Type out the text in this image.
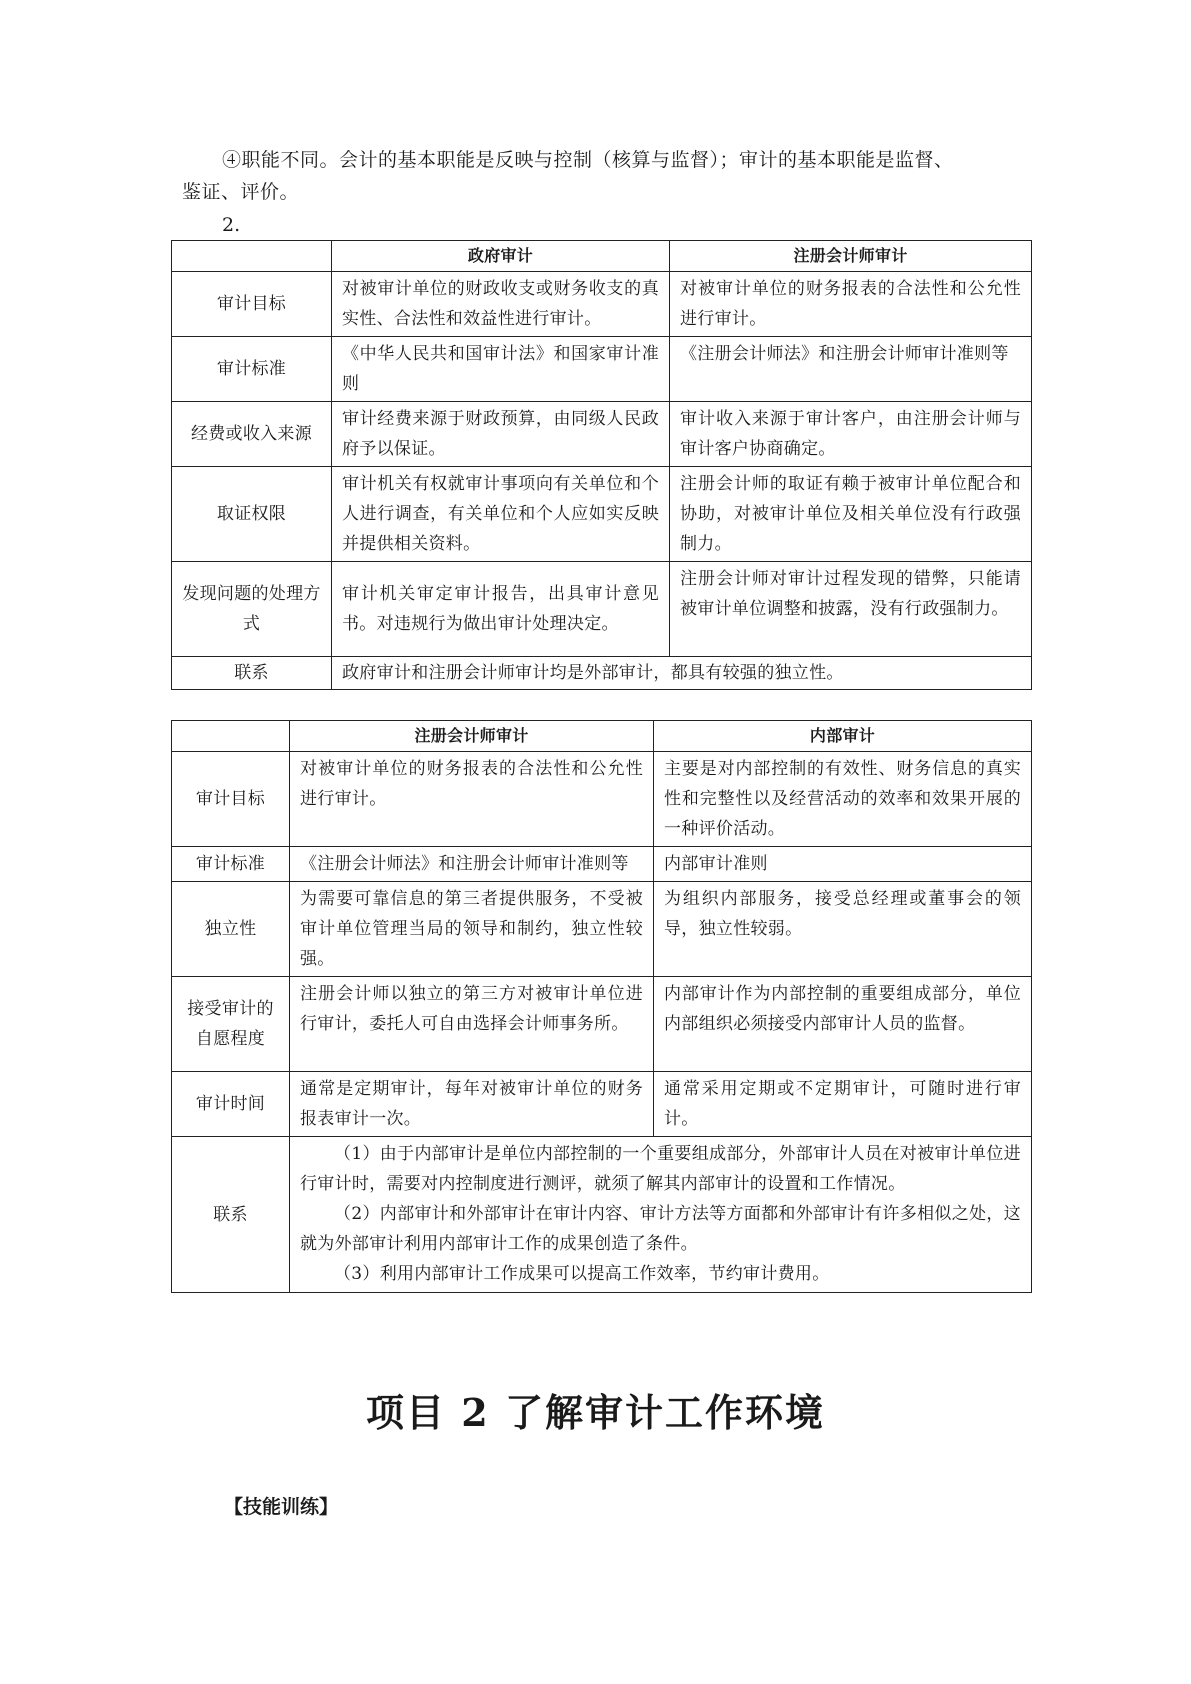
④职能不同。会计的基本职能是反映与控制（核算与监督）；审计的基本职能是监督、
鉴证、评价。
2.
	政府审计	注册会计师审计
审计目标	对被审计单位的财政收支或财务收支的真实性、合法性和效益性进行审计。	对被审计单位的财务报表的合法性和公允性进行审计。
审计标准	《中华人民共和国审计法》和国家审计准则	《注册会计师法》和注册会计师审计准则等
经费或收入来源	审计经费来源于财政预算，由同级人民政府予以保证。	审计收入来源于审计客户，由注册会计师与审计客户协商确定。
取证权限	审计机关有权就审计事项向有关单位和个人进行调查，有关单位和个人应如实反映并提供相关资料。	注册会计师的取证有赖于被审计单位配合和协助，对被审计单位及相关单位没有行政强制力。
发现问题的处理方式	审计机关审定审计报告，出具审计意见书。对违规行为做出审计处理决定。	注册会计师对审计过程发现的错弊，只能请被审计单位调整和披露，没有行政强制力。
联系	政府审计和注册会计师审计均是外部审计，都具有较强的独立性。	
	注册会计师审计	内部审计
审计目标	对被审计单位的财务报表的合法性和公允性进行审计。	主要是对内部控制的有效性、财务信息的真实性和完整性以及经营活动的效率和效果开展的一种评价活动。
审计标准	《注册会计师法》和注册会计师审计准则等	内部审计准则
独立性	为需要可靠信息的第三者提供服务，不受被审计单位管理当局的领导和制约，独立性较强。	为组织内部服务，接受总经理或董事会的领导，独立性较弱。
接受审计的自愿程度	注册会计师以独立的第三方对被审计单位进行审计，委托人可自由选择会计师事务所。	内部审计作为内部控制的重要组成部分，单位内部组织必须接受内部审计人员的监督。
审计时间	通常是定期审计，每年对被审计单位的财务报表审计一次。	通常采用定期或不定期审计，可随时进行审计。
联系	（1）由于内部审计是单位内部控制的一个重要组成部分，外部审计人员在对被审计单位进行审计时，需要对内控制度进行测评，就须了解其内部审计的设置和工作情况。

（2）内部审计和外部审计在审计内容、审计方法等方面都和外部审计有许多相似之处，这就为外部审计利用内部审计工作的成果创造了条件。

（3）利用内部审计工作成果可以提高工作效率，节约审计费用。	

项目 2 了解审计工作环境
【技能训练】
